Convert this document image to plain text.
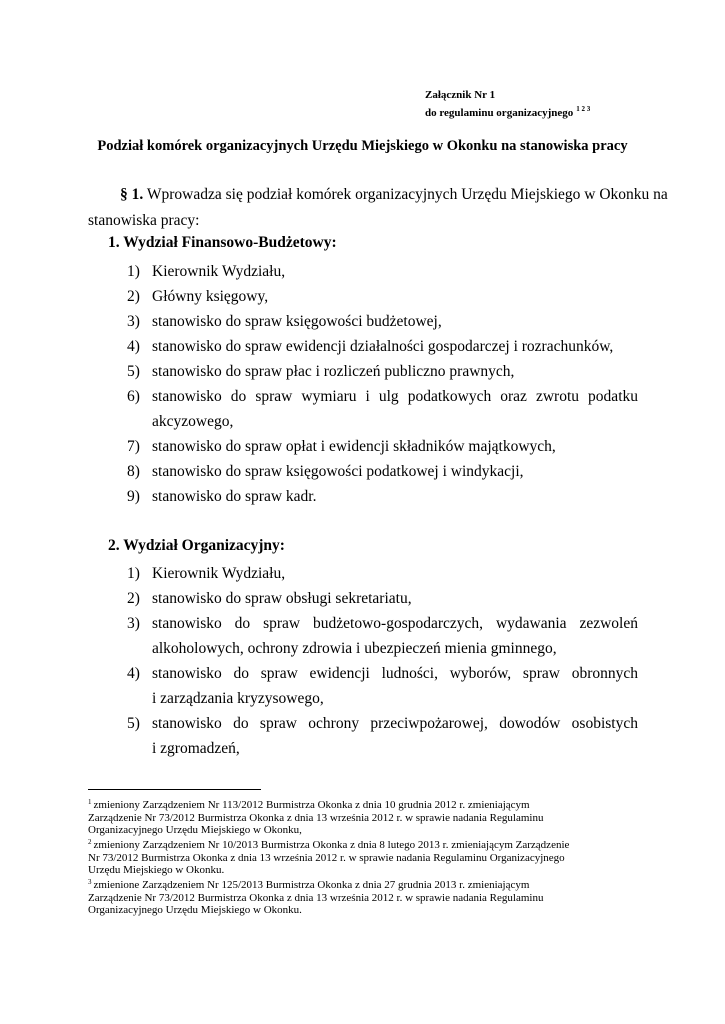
Załącznik Nr 1
do regulaminu organizacyjnego $^{1 2 3}$
Podział komórek organizacyjnych Urzędu Miejskiego w Okonku na stanowiska pracy
§ 1. Wprowadza się podział komórek organizacyjnych Urzędu Miejskiego w Okonku na
stanowiska pracy:
1. Wydział Finansowo-Budżetowy:
1) Kierownik Wydziału,
2) Główny księgowy,
3) stanowisko do spraw księgowości budżetowej,
4) stanowisko do spraw ewidencji działalności gospodarczej i rozrachunków,
5) stanowisko do spraw płac i rozliczeń publiczno prawnych,
6) stanowisko do spraw wymiaru i ulg podatkowych oraz zwrotu podatku
akcyzowego,
7) stanowisko do spraw opłat i ewidencji składników majątkowych,
8) stanowisko do spraw księgowości podatkowej i windykacji,
9) stanowisko do spraw kadr.
2. Wydział Organizacyjny:
1) Kierownik Wydziału,
2) stanowisko do spraw obsługi sekretariatu,
3) stanowisko do spraw budżetowo-gospodarczych, wydawania zezwoleń
alkoholowych, ochrony zdrowia i ubezpieczeń mienia gminnego,
4) stanowisko do spraw ewidencji ludności, wyborów, spraw obronnych
i zarządzania kryzysowego,
5) stanowisko do spraw ochrony przeciwpożarowej, dowodów osobistych
i zgromadzeń,
$^1$ zmieniony Zarządzeniem Nr 113/2012 Burmistrza Okonka z dnia 10 grudnia 2012 r. zmieniającym
Zarządzenie Nr 73/2012 Burmistrza Okonka z dnia 13 września 2012 r. w sprawie nadania Regulaminu
Organizacyjnego Urzędu Miejskiego w Okonku,
$^2$ zmieniony Zarządzeniem Nr 10/2013 Burmistrza Okonka z dnia 8 lutego 2013 r. zmieniającym Zarządzenie
Nr 73/2012 Burmistrza Okonka z dnia 13 września 2012 r. w sprawie nadania Regulaminu Organizacyjnego
Urzędu Miejskiego w Okonku.
$^3$ zmienione Zarządzeniem Nr 125/2013 Burmistrza Okonka z dnia 27 grudnia 2013 r. zmieniającym
Zarządzenie Nr 73/2012 Burmistrza Okonka z dnia 13 września 2012 r. w sprawie nadania Regulaminu
Organizacyjnego Urzędu Miejskiego w Okonku.
